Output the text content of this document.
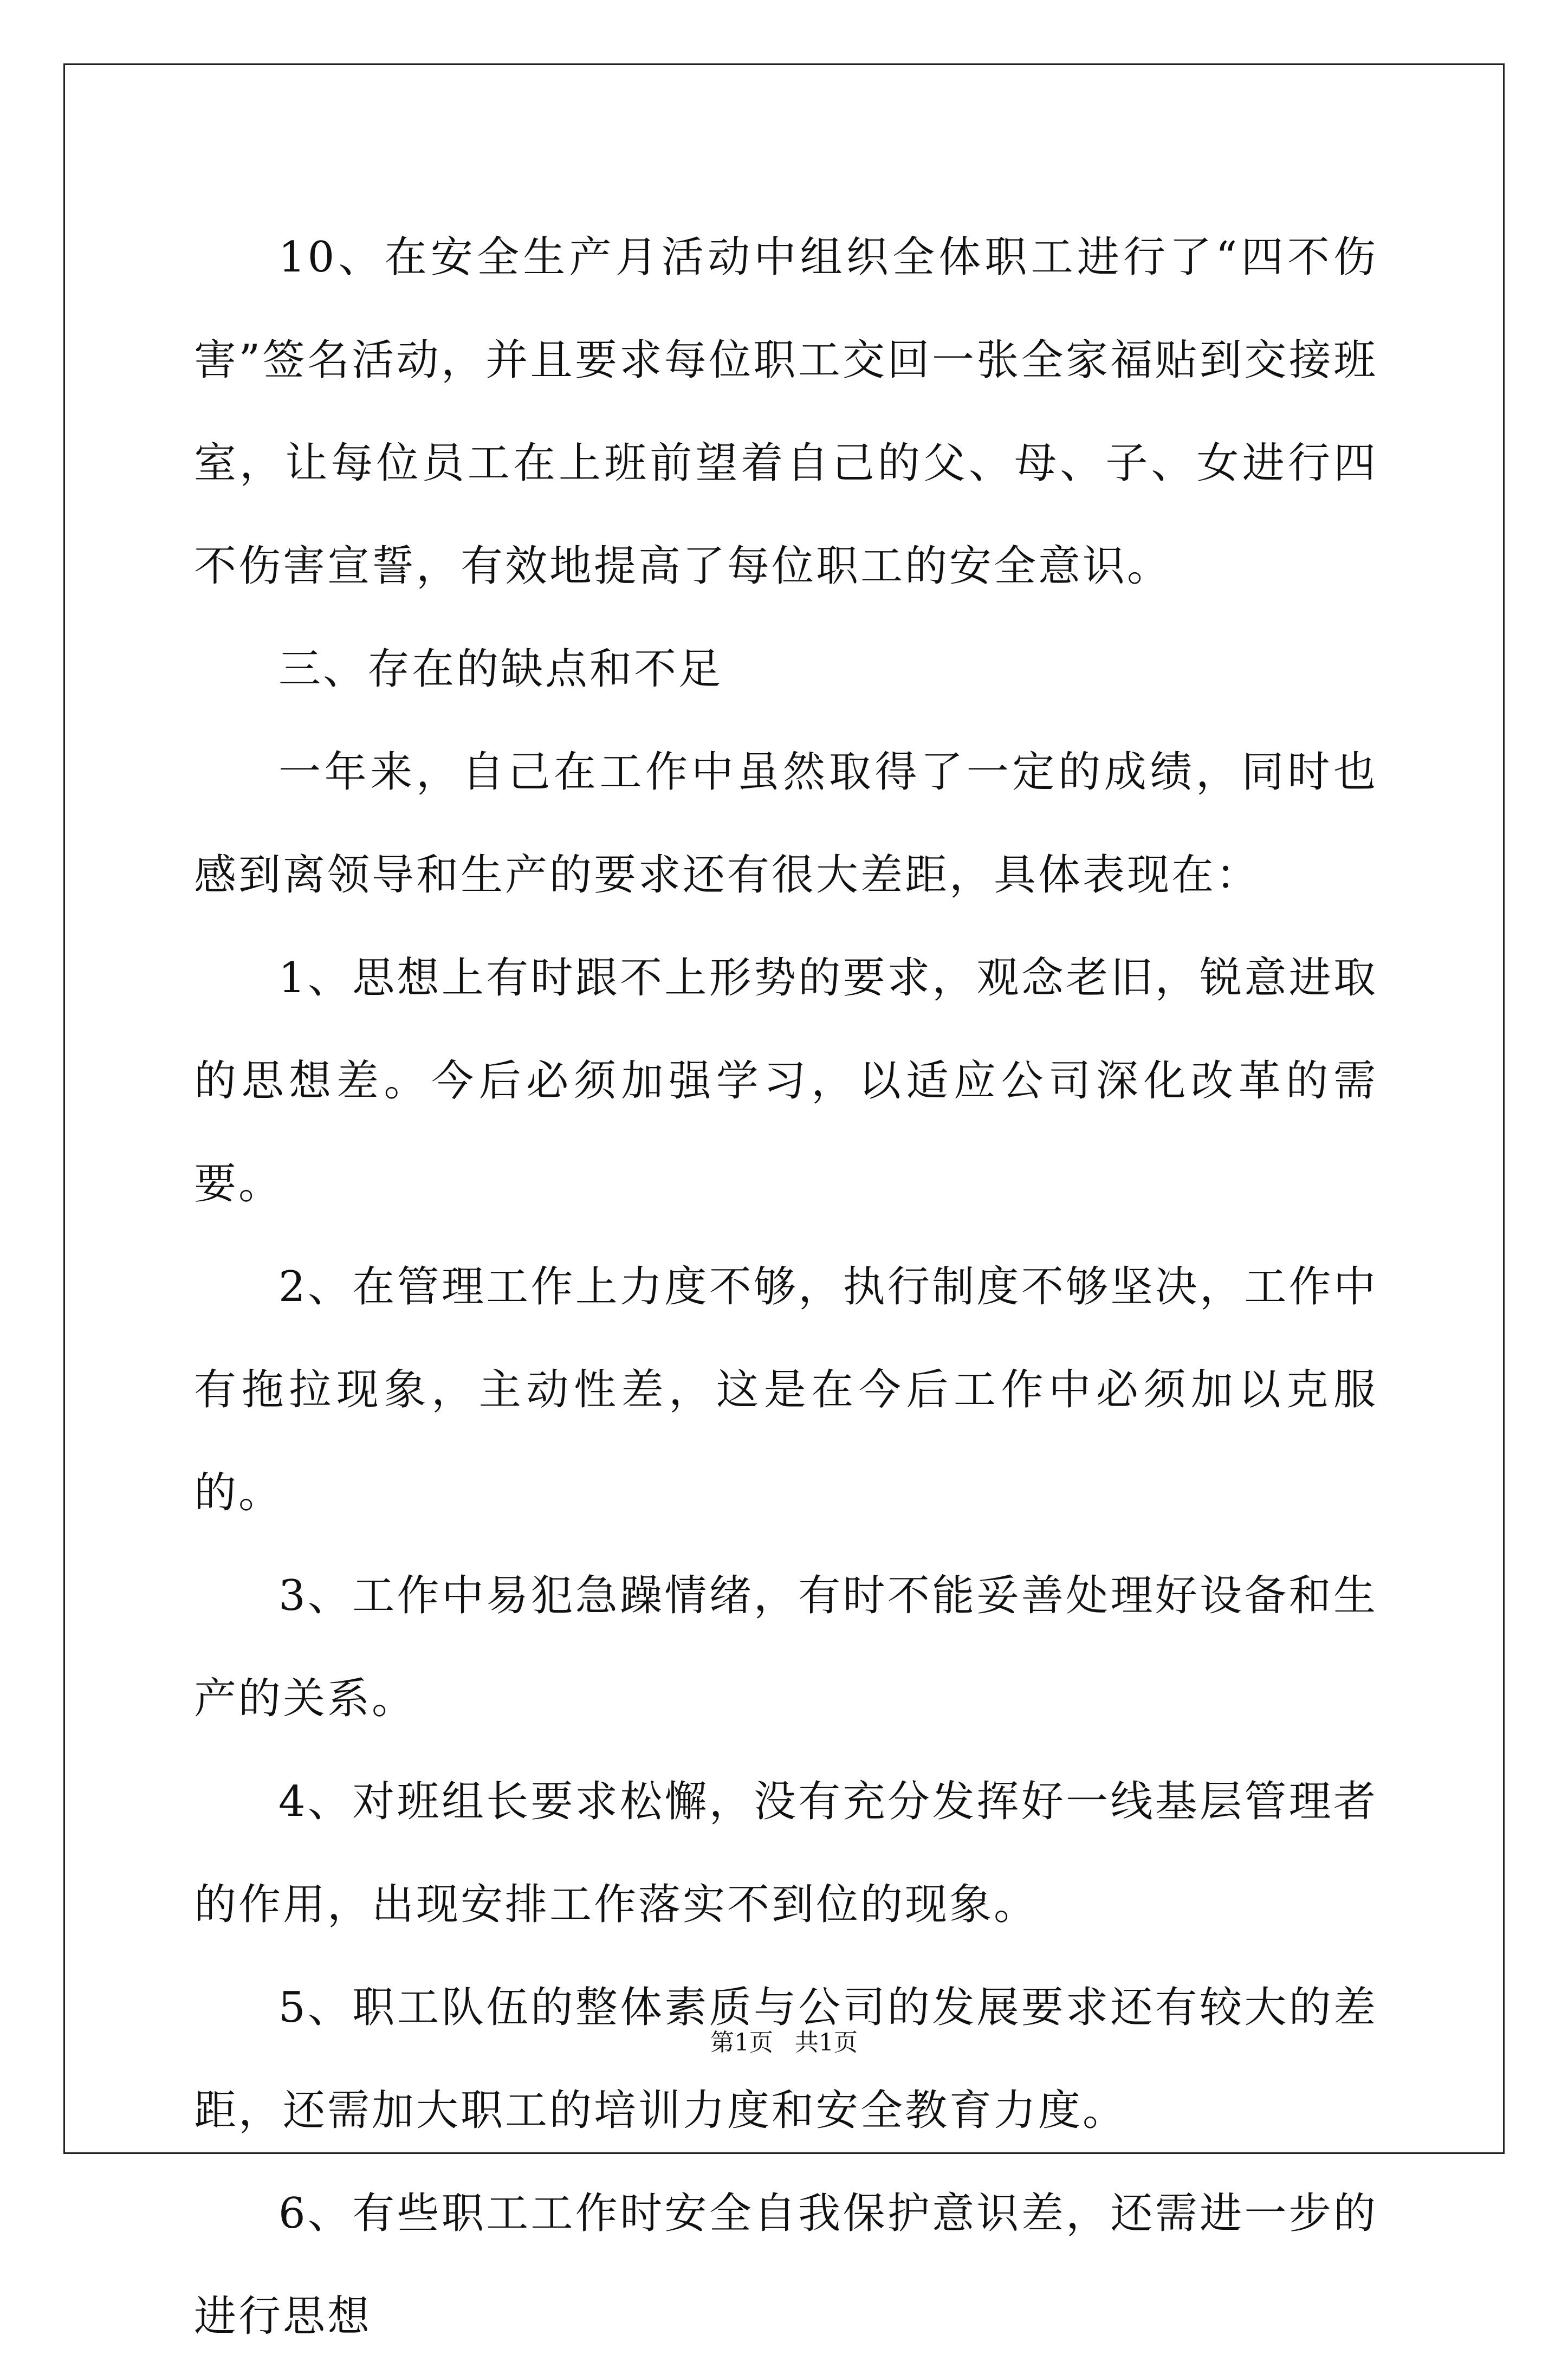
10、在安全生产月活动中组织全体职工进行了“四不伤害”签名活动，并且要求每位职工交回一张全家福贴到交接班室，让每位员工在上班前望着自己的父、母、子、女进行四不伤害宣誓，有效地提高了每位职工的安全意识。

三、存在的缺点和不足

一年来，自己在工作中虽然取得了一定的成绩，同时也感到离领导和生产的要求还有很大差距，具体表现在：

1、思想上有时跟不上形势的要求，观念老旧，锐意进取的思想差。今后必须加强学习，以适应公司深化改革的需要。

2、在管理工作上力度不够，执行制度不够坚决，工作中有拖拉现象，主动性差，这是在今后工作中必须加以克服的。

3、工作中易犯急躁情绪，有时不能妥善处理好设备和生产的关系。

4、对班组长要求松懈，没有充分发挥好一线基层管理者的作用，出现安排工作落实不到位的现象。

5、职工队伍的整体素质与公司的发展要求还有较大的差距，还需加大职工的培训力度和安全教育力度。

6、有些职工工作时安全自我保护意识差，还需进一步的进行思想

第1页 共1页
